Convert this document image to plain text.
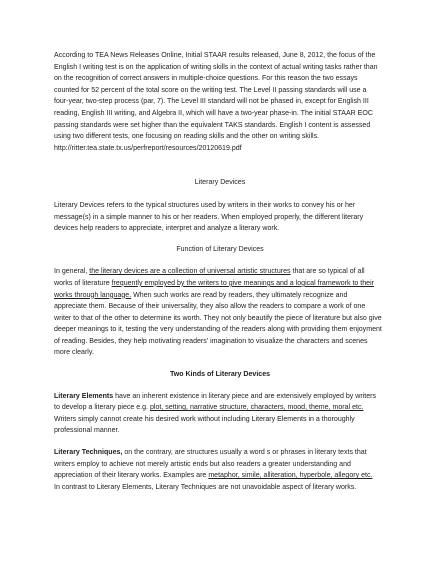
According to TEA News Releases Online, Initial STAAR results released, June 8, 2012, the focus of the

English I writing test is on the application of writing skills in the context of actual writing tasks rather than

on the recognition of correct answers in multiple-choice questions. For this reason the two essays

counted for 52 percent of the total score on the writing test. The Level II passing standards will use a

four-year, two-step process (par, 7). The Level III standard will not be phased in, except for English III

reading, English III writing, and Algebra II, which will have a two-year phase-in. The initial STAAR EOC

passing standards were set higher than the equivalent TAKS standards. English I content is assessed

using two different tests, one focusing on reading skills and the other on writing skills.

http://ritter.tea.state.tx.us/perfreport/resources/20120619.pdf

Literary Devices

Literary Devices refers to the typical structures used by writers in their works to convey his or her

message(s) in a simple manner to his or her readers. When employed properly, the different literary

devices help readers to appreciate, interpret and analyze a literary work.

Function of Literary Devices

In general, the literary devices are a collection of universal artistic structures that are so typical of all

works of literature frequently employed by the writers to give meanings and a logical framework to their

works through language. When such works are read by readers, they ultimately recognize and

appreciate them. Because of their universality, they also allow the readers to compare a work of one

writer to that of the other to determine its worth. They not only beautify the piece of literature but also give

deeper meanings to it, testing the very understanding of the readers along with providing them enjoyment

of reading. Besides, they help motivating readers' imagination to visualize the characters and scenes

more clearly.

Two Kinds of Literary Devices

Literary Elements have an inherent existence in literary piece and are extensively employed by writers

to develop a literary piece e.g. plot, setting, narrative structure, characters, mood, theme, moral etc.

Writers simply cannot create his desired work without including Literary Elements in a thoroughly

professional manner.

Literary Techniques, on the contrary, are structures usually a word s or phrases in literary texts that

writers employ to achieve not merely artistic ends but also readers a greater understanding and

appreciation of their literary works. Examples are metaphor, simile, alliteration, hyperbole, allegory etc.

In contrast to Literary Elements, Literary Techniques are not unavoidable aspect of literary works.
